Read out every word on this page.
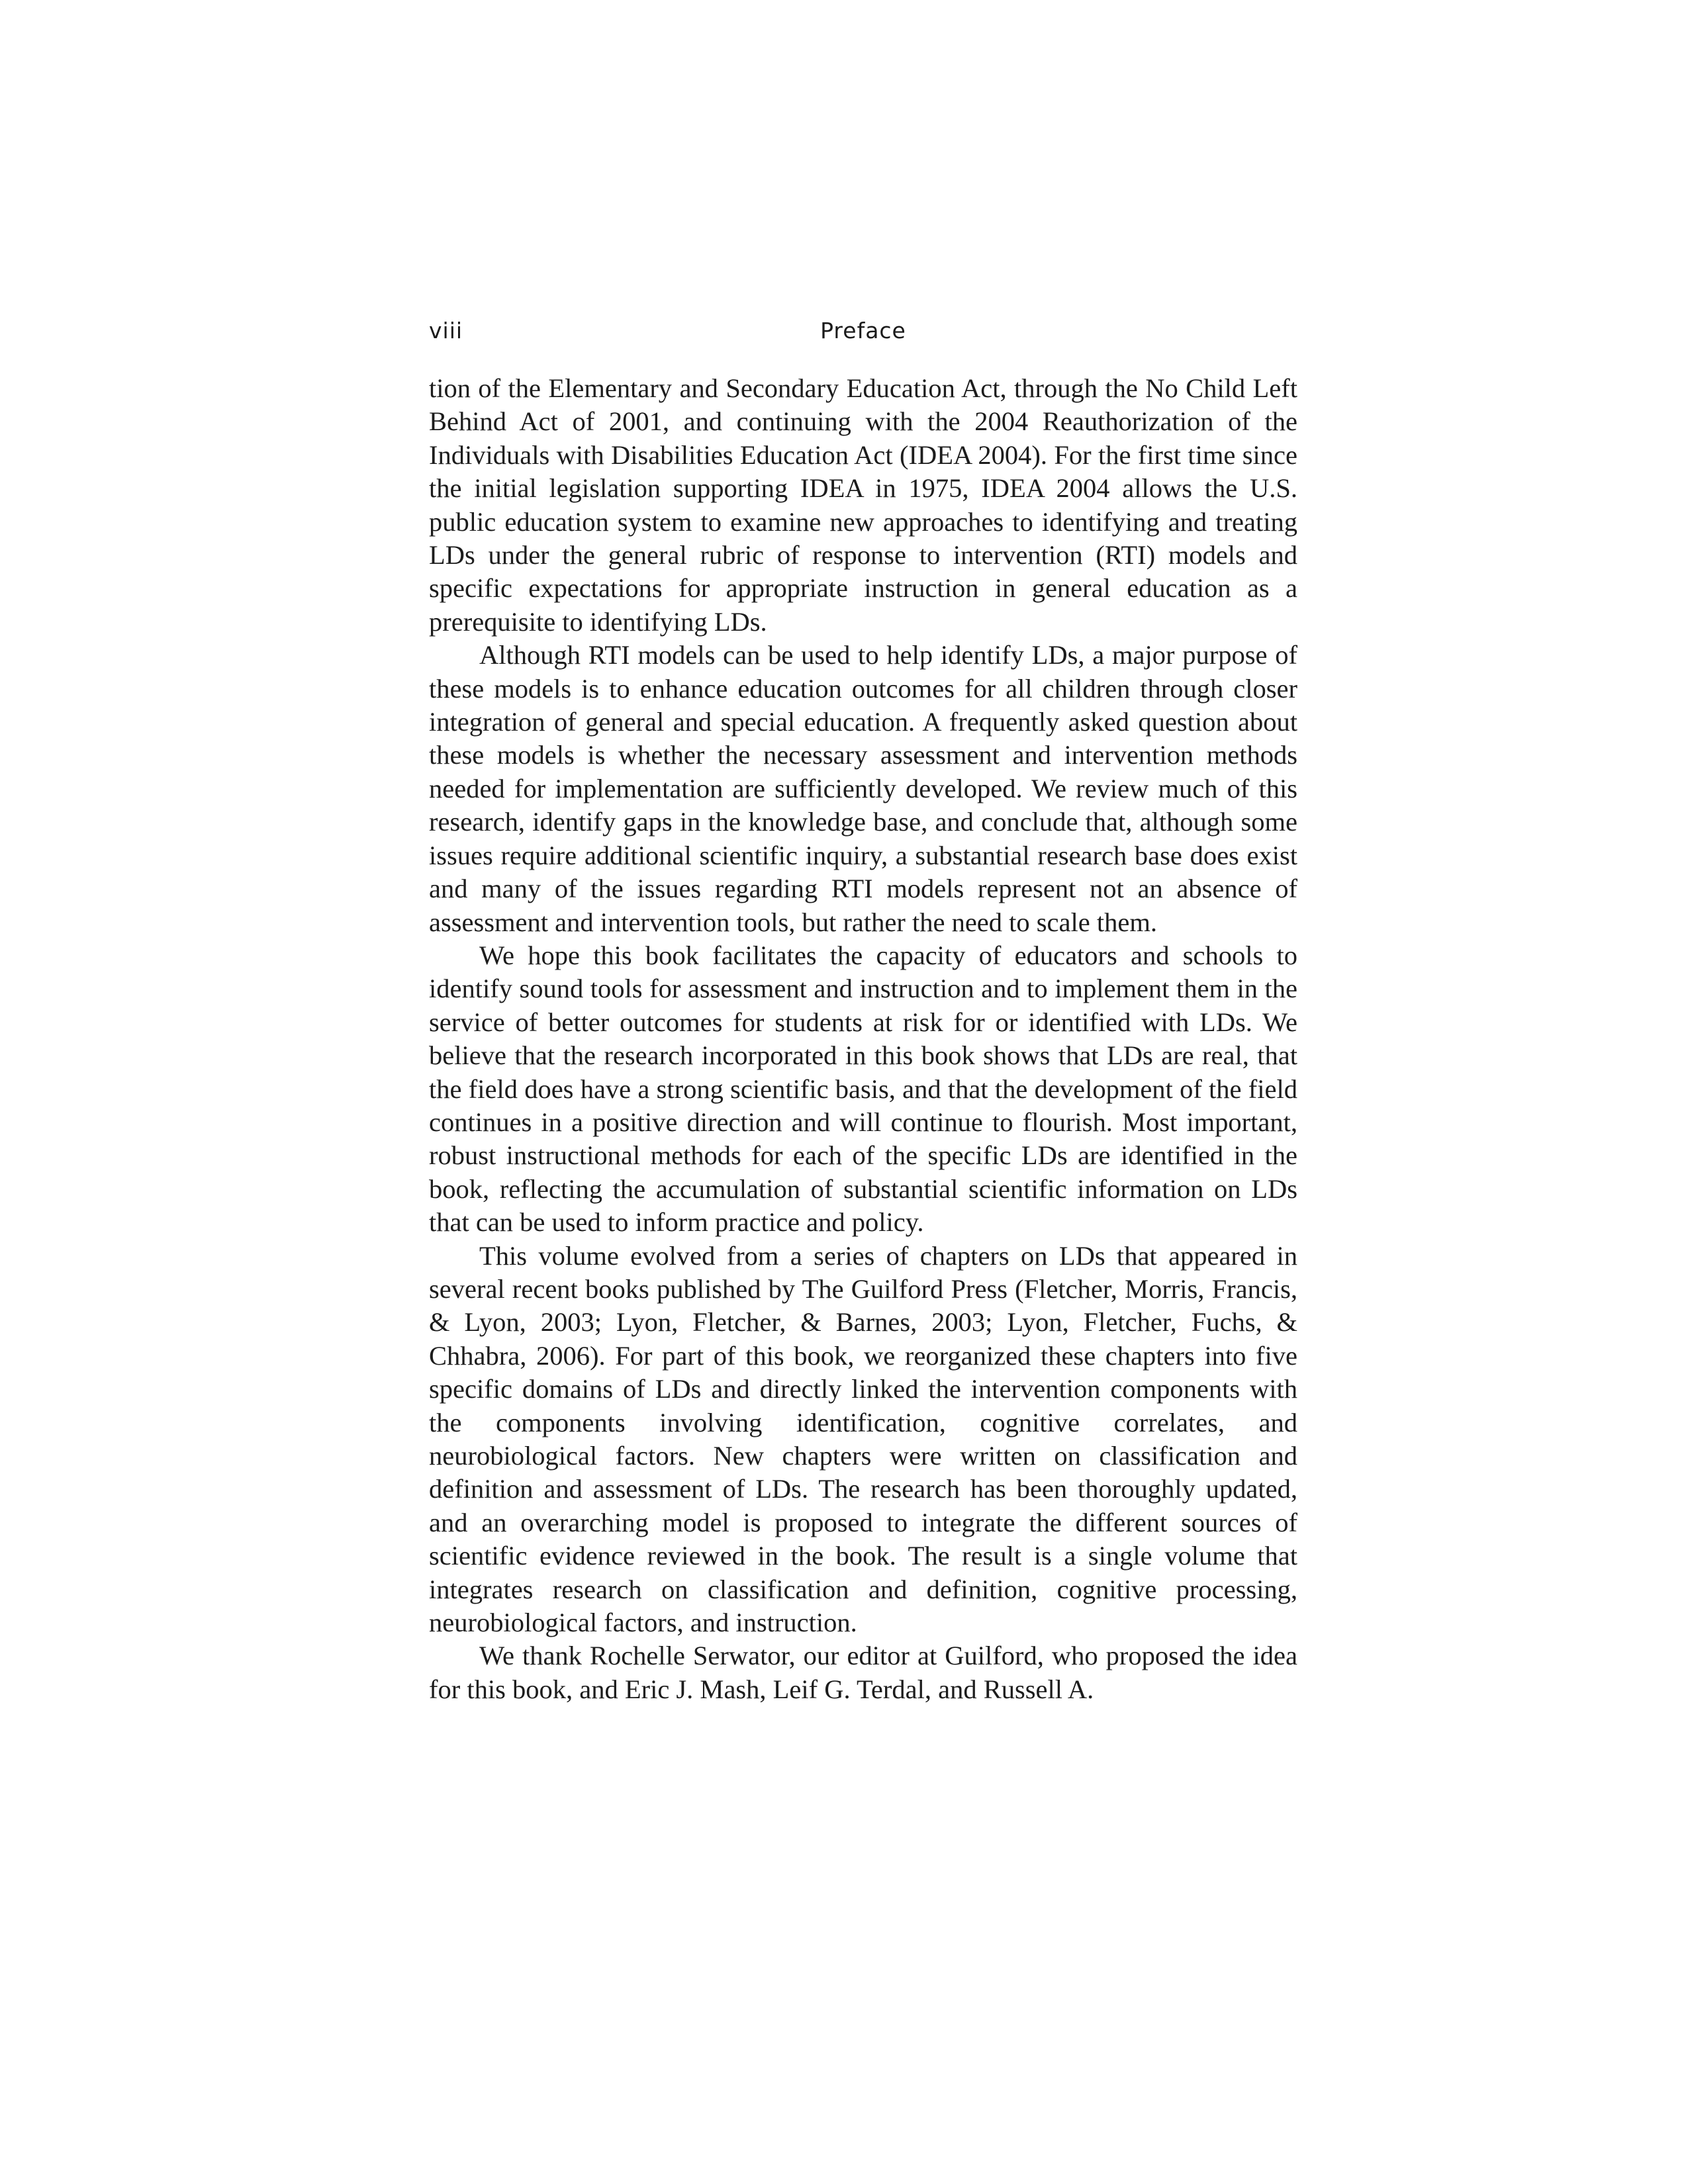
viii	Preface

tion of the Elementary and Secondary Education Act, through the No Child Left Behind Act of 2001, and continuing with the 2004 Reauthorization of the Individuals with Disabilities Education Act (IDEA 2004). For the first time since the initial legislation supporting IDEA in 1975, IDEA 2004 allows the U.S. public education system to examine new approaches to identifying and treating LDs under the general rubric of response to intervention (RTI) models and specific expectations for appropriate instruction in general education as a prerequisite to identifying LDs.

Although RTI models can be used to help identify LDs, a major purpose of these models is to enhance education outcomes for all children through closer integration of general and special education. A frequently asked question about these models is whether the necessary assessment and intervention methods needed for implementation are sufficiently developed. We review much of this research, identify gaps in the knowledge base, and conclude that, although some issues require additional scientific inquiry, a substantial research base does exist and many of the issues regarding RTI models represent not an absence of assessment and intervention tools, but rather the need to scale them.

We hope this book facilitates the capacity of educators and schools to identify sound tools for assessment and instruction and to implement them in the service of better outcomes for students at risk for or identified with LDs. We believe that the research incorporated in this book shows that LDs are real, that the field does have a strong scientific basis, and that the development of the field continues in a positive direction and will continue to flourish. Most important, robust instructional methods for each of the specific LDs are identified in the book, reflecting the accumulation of substantial scientific information on LDs that can be used to inform practice and policy.

This volume evolved from a series of chapters on LDs that appeared in several recent books published by The Guilford Press (Fletcher, Morris, Francis, & Lyon, 2003; Lyon, Fletcher, & Barnes, 2003; Lyon, Fletcher, Fuchs, & Chhabra, 2006). For part of this book, we reorganized these chapters into five specific domains of LDs and directly linked the intervention components with the components involving identification, cognitive correlates, and neurobiological factors. New chapters were written on classification and definition and assessment of LDs. The research has been thoroughly updated, and an overarching model is proposed to integrate the different sources of scientific evidence reviewed in the book. The result is a single volume that integrates research on classification and definition, cognitive processing, neurobiological factors, and instruction.

We thank Rochelle Serwator, our editor at Guilford, who proposed the idea for this book, and Eric J. Mash, Leif G. Terdal, and Russell A.
